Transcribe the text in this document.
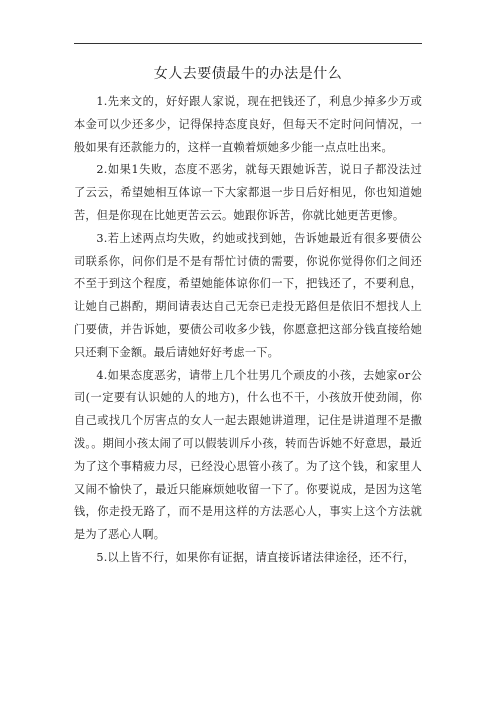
女人去要债最牛的办法是什么

1.先来文的，好好跟人家说，现在把钱还了，利息少掉多少万或本金可以少还多少，记得保持态度良好，但每天不定时问问情况，一般如果有还款能力的，这样一直赖着烦她多少能一点点吐出来。

2.如果1失败，态度不恶劣，就每天跟她诉苦，说日子都没法过了云云，希望她相互体谅一下大家都退一步日后好相见，你也知道她苦，但是你现在比她更苦云云。她跟你诉苦，你就比她更苦更惨。

3.若上述两点均失败，约她或找到她，告诉她最近有很多要债公司联系你，问你们是不是有帮忙讨债的需要，你说你觉得你们之间还不至于到这个程度，希望她能体谅你们一下，把钱还了，不要利息，让她自己斟酌，期间请表达自己无奈已走投无路但是依旧不想找人上门要债，并告诉她，要债公司收多少钱，你愿意把这部分钱直接给她只还剩下金额。最后请她好好考虑一下。

4.如果态度恶劣，请带上几个壮男几个顽皮的小孩，去她家or公司(一定要有认识她的人的地方)，什么也不干，小孩放开使劲闹，你自己或找几个厉害点的女人一起去跟她讲道理，记住是讲道理不是撒泼。。期间小孩太闹了可以假装训斥小孩，转而告诉她不好意思，最近为了这个事精疲力尽，已经没心思管小孩了。为了这个钱，和家里人又闹不愉快了，最近只能麻烦她收留一下了。你要说成，是因为这笔钱，你走投无路了，而不是用这样的方法恶心人，事实上这个方法就是为了恶心人啊。

5.以上皆不行，如果你有证据，请直接诉诸法律途径，还不行，
